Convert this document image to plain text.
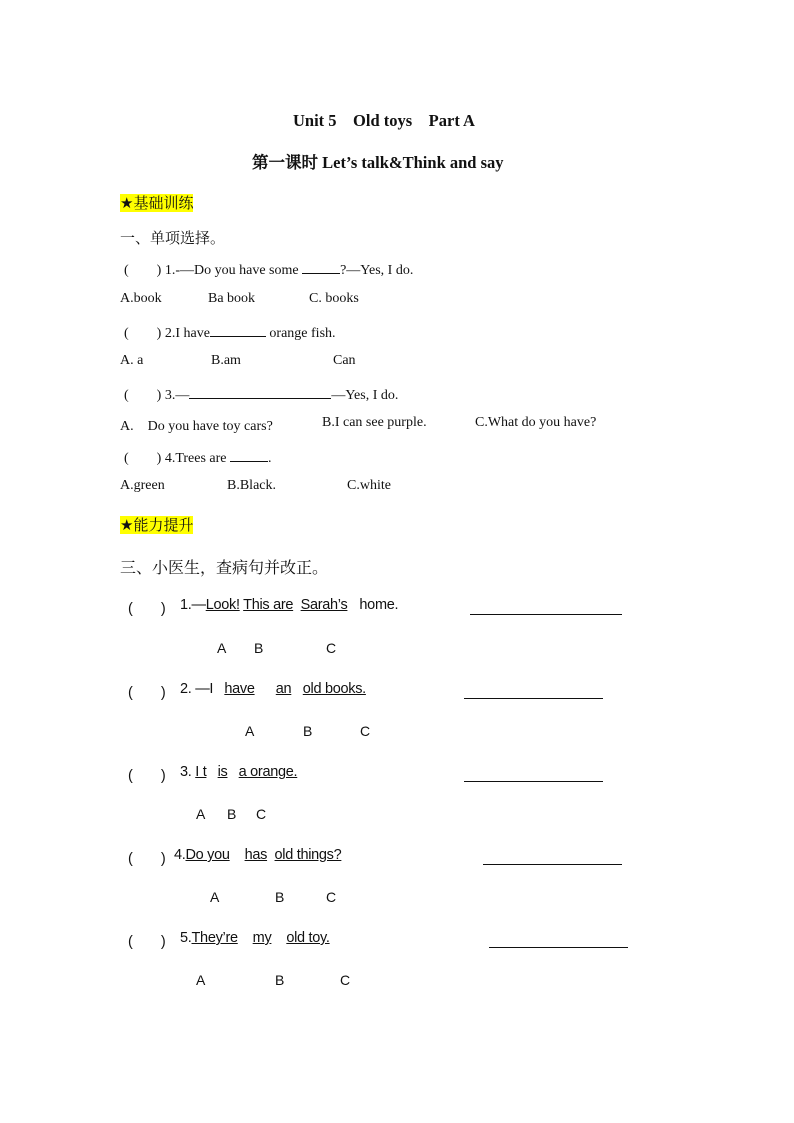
Unit 5　Old toys　Part A
第一课时 Let’s talk&Think and say
★基础训练
一、单项选择。
(　　) 1.-—Do you have some	?—Yes, I do.
A.book	Ba book	C. books
(　　) 2.I have	orange fish.
A. a	B.am	Can
(　　) 3.—	—Yes, I do.
A.　Do you have toy cars?	B.I can see purple.	C.What do you have?
(　　) 4.Trees are	.
A.green	B.Black.	C.white
★能力提升
三、小医生，查病句并改正。
(　　) 1.—Look! This are Sarah’s home.
A B	C
(　　) 2. —I have an old books.
A	B	C
(　　) 3. I t is a orange.
A B C
(　　) 4.Do you has old things?
A	B	C
(　　) 5.They’re my old toy.
A	B	C
